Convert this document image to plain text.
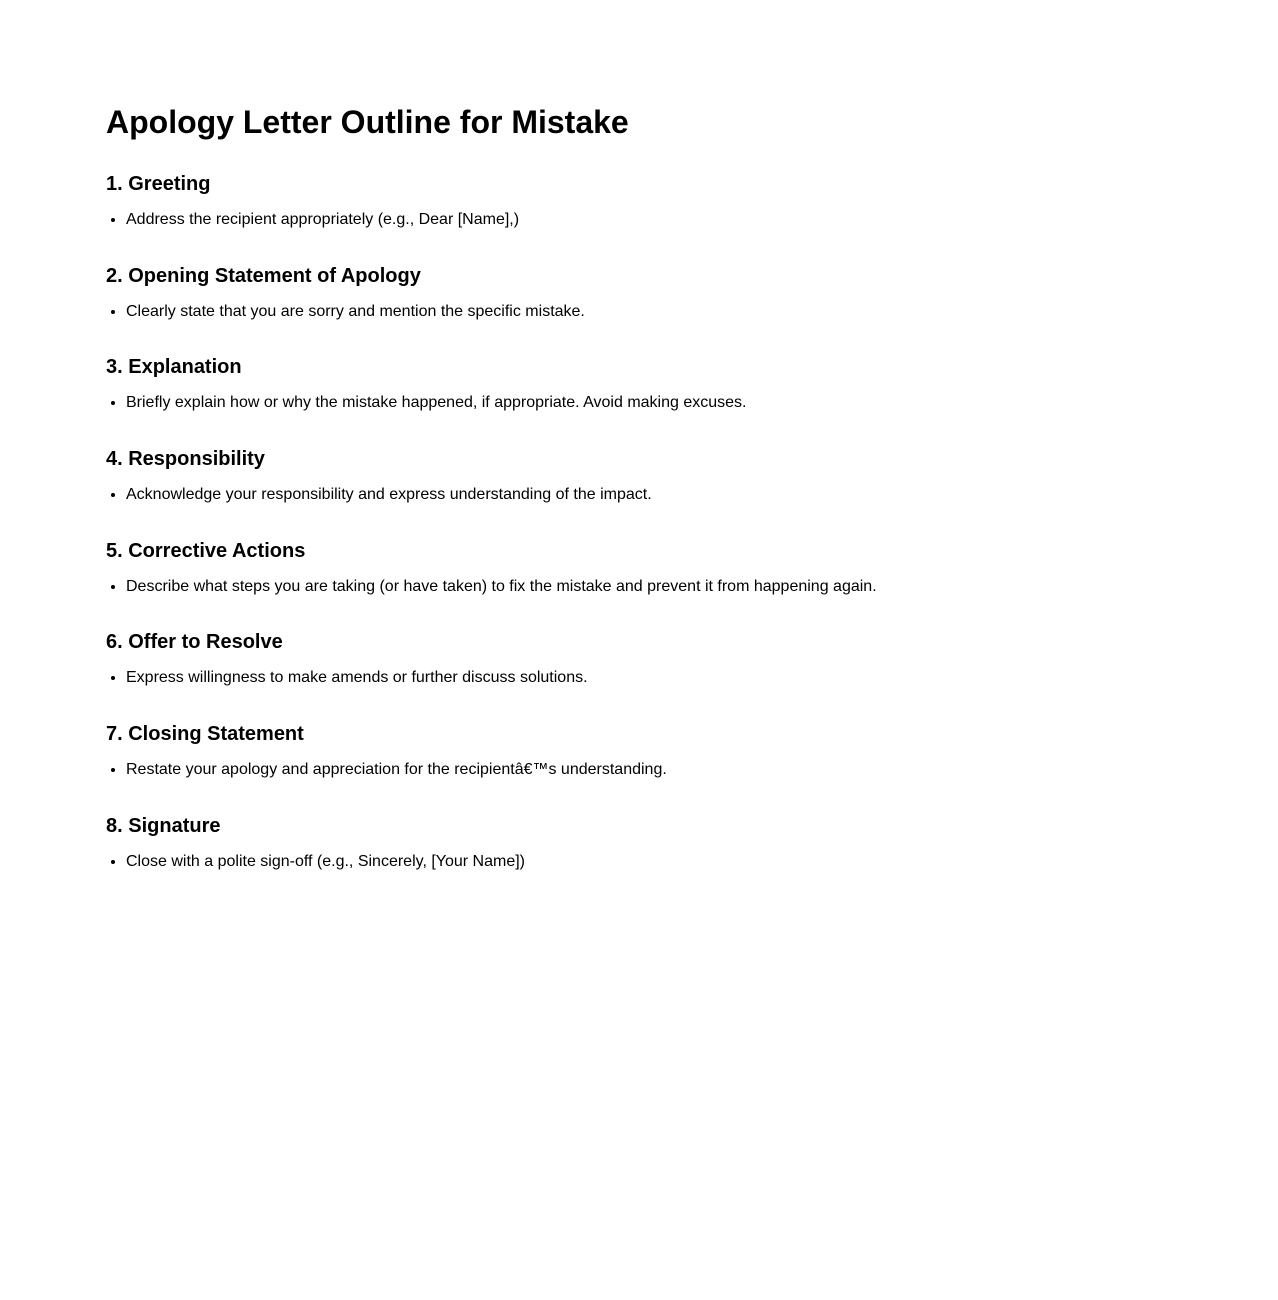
Apology Letter Outline for Mistake
1. Greeting
• Address the recipient appropriately (e.g., Dear [Name],)
2. Opening Statement of Apology
• Clearly state that you are sorry and mention the specific mistake.
3. Explanation
• Briefly explain how or why the mistake happened, if appropriate. Avoid making excuses.
4. Responsibility
• Acknowledge your responsibility and express understanding of the impact.
5. Corrective Actions
• Describe what steps you are taking (or have taken) to fix the mistake and prevent it from happening again.
6. Offer to Resolve
• Express willingness to make amends or further discuss solutions.
7. Closing Statement
• Restate your apology and appreciation for the recipientâ€™s understanding.
8. Signature
• Close with a polite sign-off (e.g., Sincerely, [Your Name])
